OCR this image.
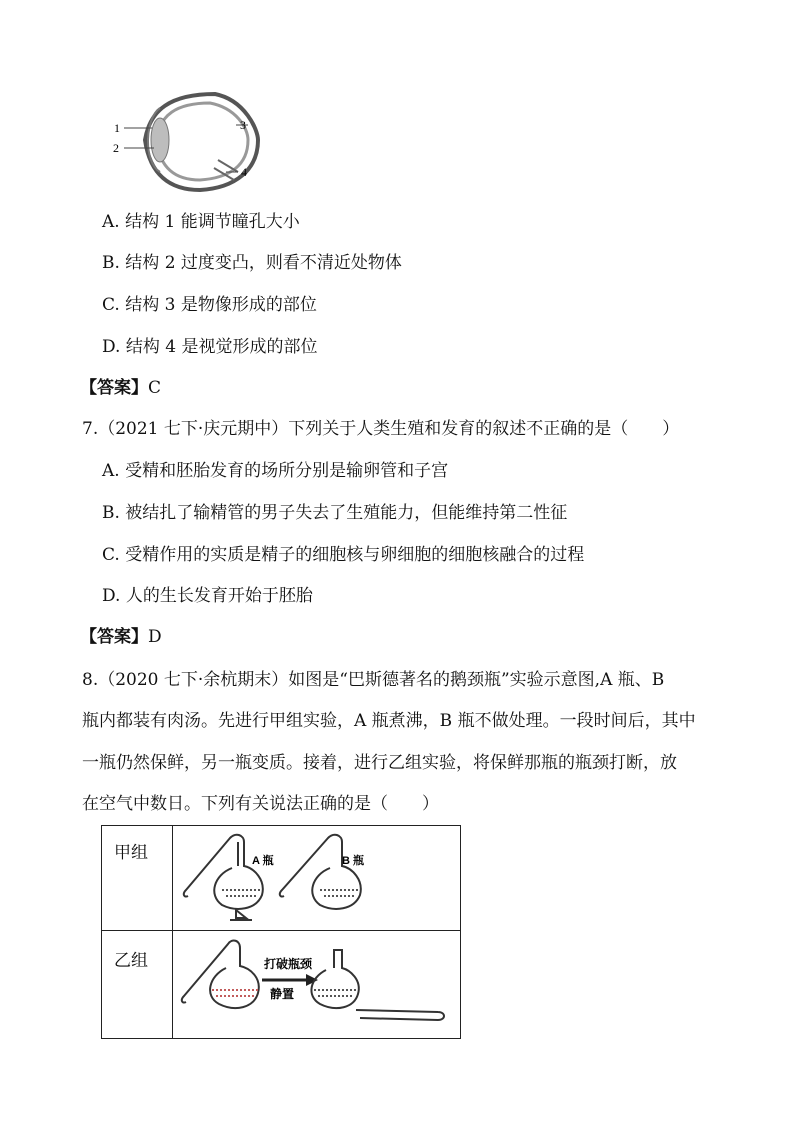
1
2
3
4
A. 结构 1 能调节瞳孔大小
B. 结构 2 过度变凸，则看不清近处物体
C. 结构 3 是物像形成的部位
D. 结构 4 是视觉形成的部位
【答案】C
7.（2021 七下·庆元期中）下列关于人类生殖和发育的叙述不正确的是（　　）
A. 受精和胚胎发育的场所分别是输卵管和子宫
B. 被结扎了输精管的男子失去了生殖能力，但能维持第二性征
C. 受精作用的实质是精子的细胞核与卵细胞的细胞核融合的过程
D. 人的生长发育开始于胚胎
【答案】D
8.（2020 七下·余杭期末）如图是“巴斯德著名的鹅颈瓶”实验示意图,A 瓶、B
瓶内都装有肉汤。先进行甲组实验，A 瓶煮沸，B 瓶不做处理。一段时间后，其中
一瓶仍然保鲜，另一瓶变质。接着，进行乙组实验，将保鲜那瓶的瓶颈打断，放
在空气中数日。下列有关说法正确的是（　　）
甲组
乙组
A 瓶	B 瓶
打破瓶颈
静置
